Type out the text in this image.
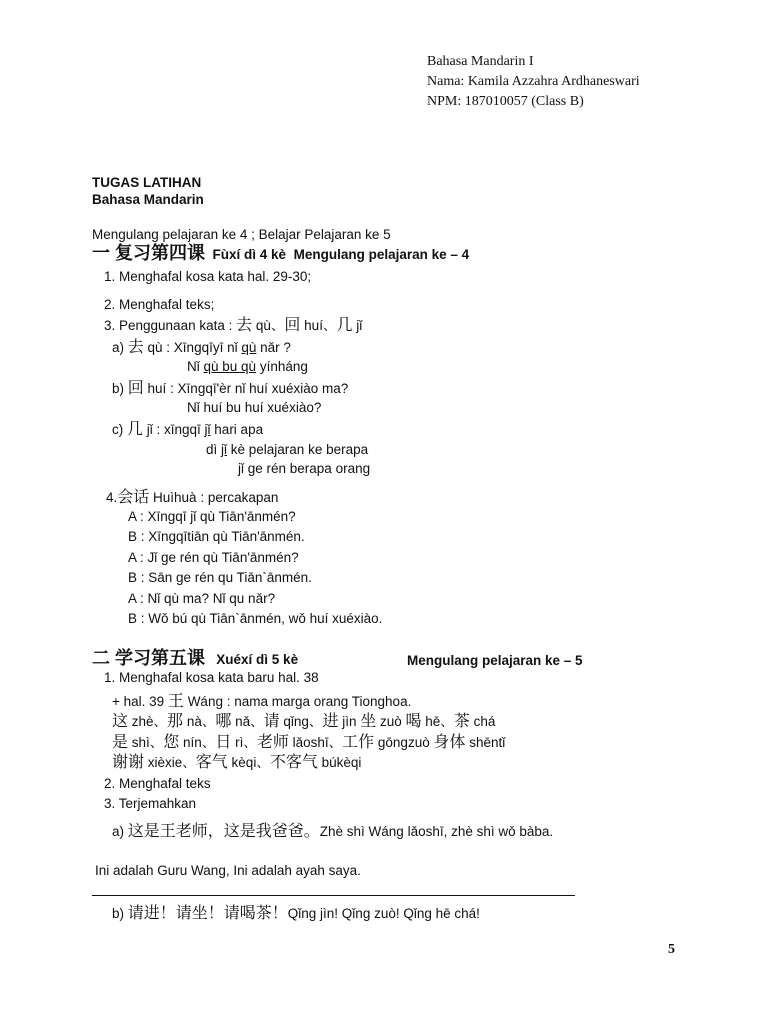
Bahasa Mandarin I
Nama: Kamila Azzahra Ardhaneswari
NPM: 187010057 (Class B)
TUGAS LATIHAN
Bahasa Mandarin
Mengulang pelajaran ke 4 ; Belajar Pelajaran ke 5
一 复习第四课 Fùxí dì 4 kè Mengulang pelajaran ke – 4
1. Menghafal kosa kata hal. 29-30;
2. Menghafal teks;
3. Penggunaan kata : 去 qù、回 huí、几 jǐ
a) 去 qù : Xīngqīyī nǐ qù nǎr ?
Nǐ qù bu qù yínháng
b) 回 huí : Xīngqī'èr nǐ huí xuéxiào ma?
Nǐ huí bu huí xuéxiào?
c) 几 jǐ : xīngqī jǐ hari apa
dì jǐ kè pelajaran ke berapa
jǐ ge rén berapa orang
4.会话 Huìhuà : percakapan
A : Xīngqī jǐ qù Tiān'ānmén?
B : Xīngqītiān qù Tiān'ānmén.
A : Jǐ ge rén qù Tiān'ānmén?
B : Sān ge rén qu Tiān`ānmén.
A : Nǐ qù ma? Nǐ qu nǎr?
B : Wǒ bú qù Tiān`ānmén, wǒ huí xuéxiào.
二 学习第五课 Xuéxí dì 5 kè	Mengulang pelajaran ke – 5
1. Menghafal kosa kata baru hal. 38
+ hal. 39 王 Wáng : nama marga orang Tionghoa.
这 zhè、那 nà、哪 nǎ、请 qǐng、进 jìn 坐 zuò 喝 hē、茶 chá
是 shì、您 nín、日 rì、老师 lǎoshī、工作 gōngzuò 身体 shēntǐ
谢谢 xièxie、客气 kèqi、不客气 búkèqi
2. Menghafal teks
3. Terjemahkan
a) 这是王老师，这是我爸爸。Zhè shì Wáng lǎoshī, zhè shì wǒ bàba.
Ini adalah Guru Wang, Ini adalah ayah saya.
b) 请进！请坐！请喝茶！Qǐng jìn! Qǐng zuò! Qǐng hē chá!
5
